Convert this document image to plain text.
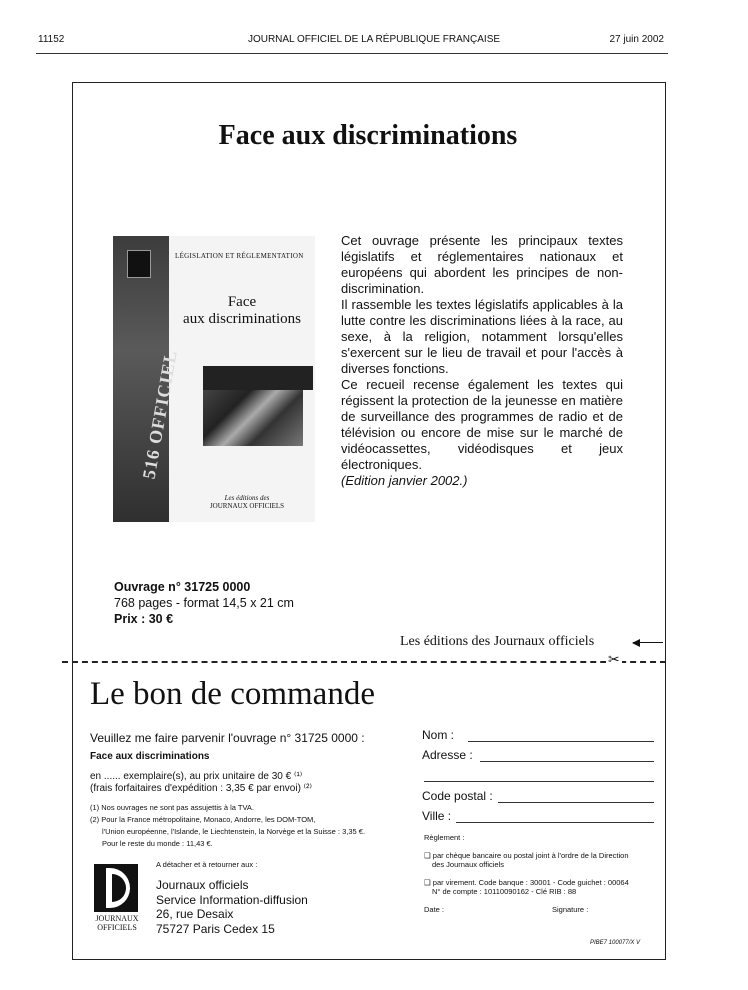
11152	JOURNAL OFFICIEL DE LA RÉPUBLIQUE FRANÇAISE	27 juin 2002
Face aux discriminations
516 OFFICIEL
LÉGISLATION ET RÉGLEMENTATION
Face
aux discriminations
Les éditions des
JOURNAUX OFFICIELS

Cet ouvrage présente les principaux textes législatifs et réglementaires nationaux et européens qui abordent les principes de non-discrimination.

Il rassemble les textes législatifs applicables à la lutte contre les discriminations liées à la race, au sexe, à la religion, notamment lorsqu'elles s'exercent sur le lieu de travail et pour l'accès à diverses fonctions.

Ce recueil recense également les textes qui régissent la protection de la jeunesse en matière de surveillance des programmes de radio et de télévision ou encore de mise sur le marché de vidéocassettes, vidéodisques et jeux électroniques.

(Edition janvier 2002.)

Ouvrage n° 31725 0000
768 pages - format 14,5 x 21 cm
Prix : 30 €
Les éditions des Journaux officiels
✂
Le bon de commande
Veuillez me faire parvenir l'ouvrage n° 31725 0000 :
Face aux discriminations
en ...... exemplaire(s), au prix unitaire de 30 € ⁽¹⁾
(frais forfaitaires d'expédition : 3,35 € par envoi) ⁽²⁾
(1) Nos ouvrages ne sont pas assujettis à la TVA.
(2) Pour la France métropolitaine, Monaco, Andorre, les DOM-TOM,
l'Union européenne, l'Islande, le Liechtenstein, la Norvège et la Suisse : 3,35 €.
Pour le reste du monde : 11,43 €.
A détacher et à retourner aux :
JOURNAUX
OFFICIELS
Journaux officiels
Service Information-diffusion
26, rue Desaix
75727 Paris Cedex 15
Nom :
Adresse :
Code postal :
Ville :
Règlement :
❑ par chèque bancaire ou postal joint à l'ordre de la Direction
des Journaux officiels
❑ par virement. Code banque : 30001 - Code guichet : 00064
N° de compte : 10110090162 - Clé RIB : 88
Date :	Signature :
PIBE7 100077/X V
